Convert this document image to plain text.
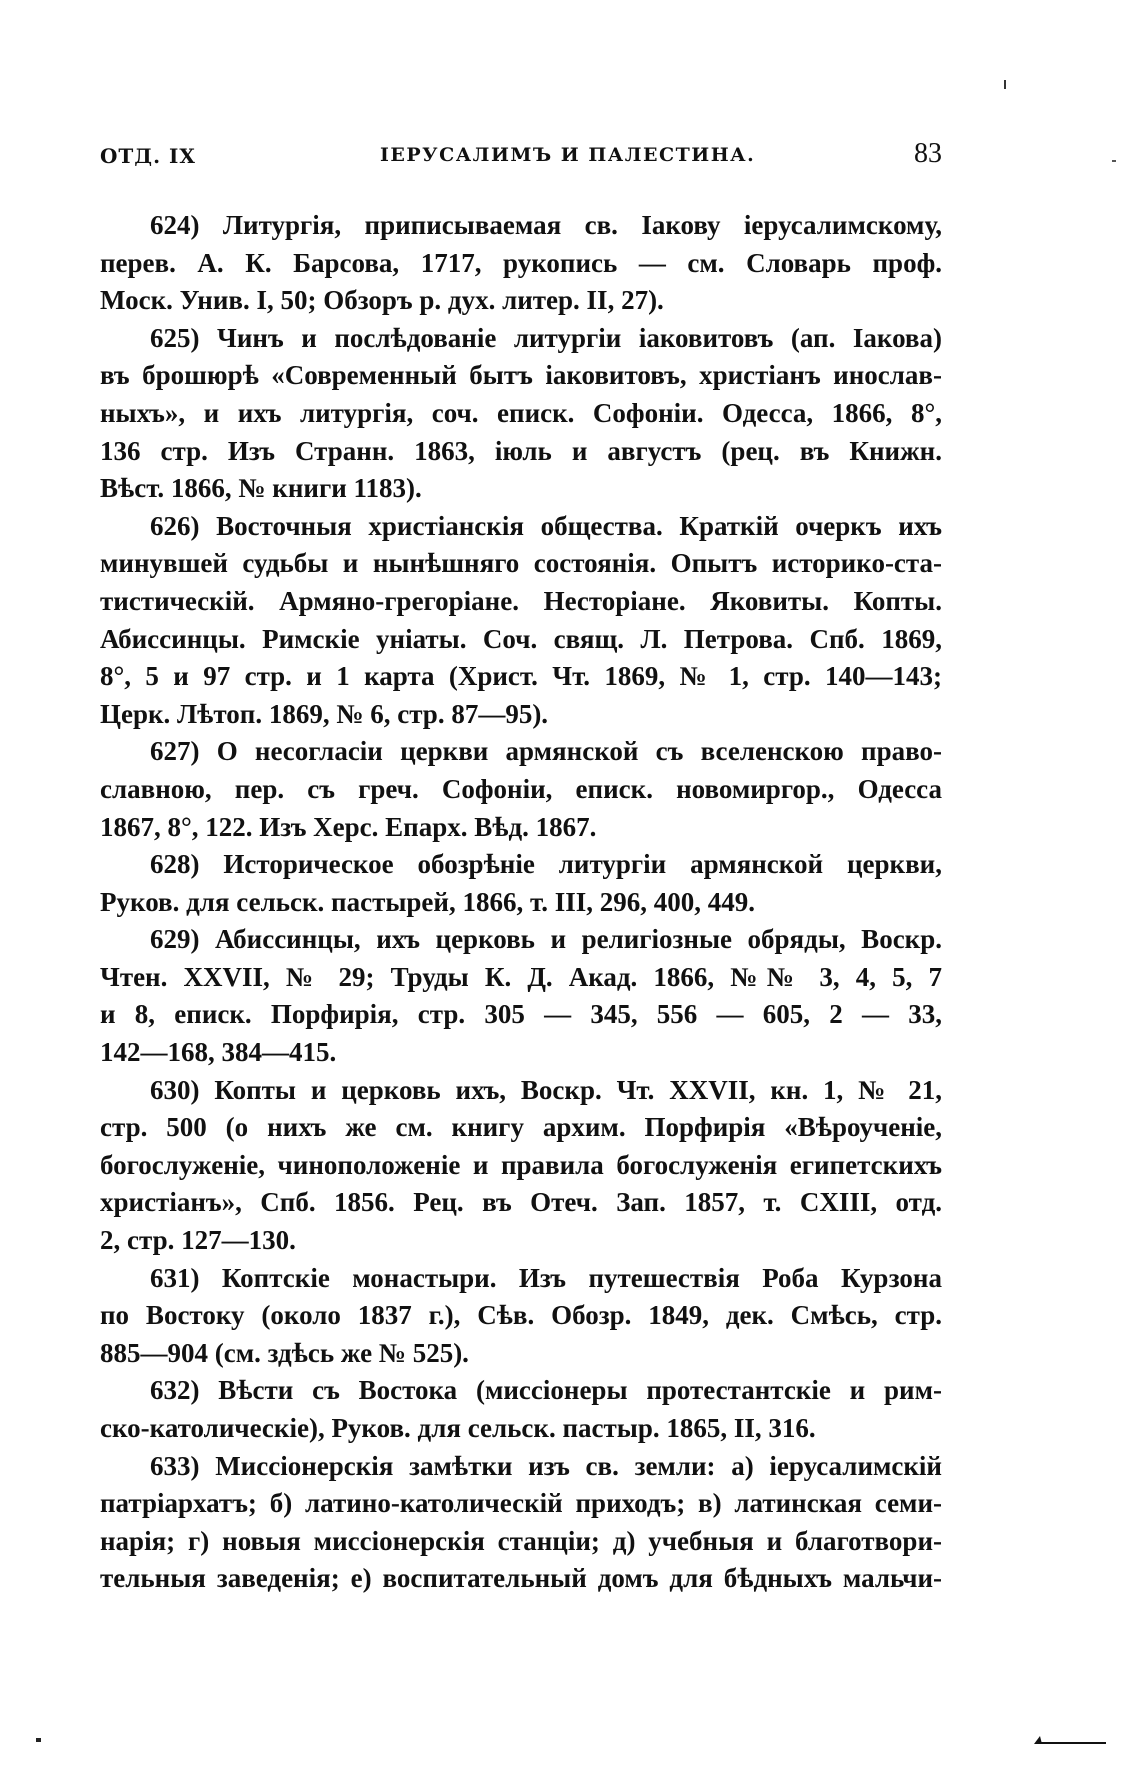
ОТД. IX	ІЕРУСАЛИМЪ И ПАЛЕСТИНА.	83
624) Литургія, приписываемая св. Іакову іерусалимскому,
перев. А. К. Барсова, 1717, рукопись — см. Словарь проф.
Моск. Унив. I, 50; Обзоръ р. дух. литер. II, 27).
625) Чинъ и послѣдованіе литургіи іаковитовъ (ап. Іакова)
въ брошюрѣ «Современный бытъ іаковитовъ, христіанъ инослав-
ныхъ», и ихъ литургія, соч. еписк. Софоніи. Одесса, 1866, 8°,
136 стр. Изъ Странн. 1863, іюль и августъ (рец. въ Книжн.
Вѣст. 1866, № книги 1183).
626) Восточныя христіанскія общества. Краткій очеркъ ихъ
минувшей судьбы и нынѣшняго состоянія. Опытъ историко-ста-
тистическій. Армяно-грегоріане. Несторіане. Яковиты. Копты.
Абиссинцы. Римскіе уніаты. Соч. свящ. Л. Петрова. Спб. 1869,
8°, 5 и 97 стр. и 1 карта (Христ. Чт. 1869, № 1, стр. 140—143;
Церк. Лѣтоп. 1869, № 6, стр. 87—95).
627) О несогласіи церкви армянской съ вселенскою право-
славною, пер. съ греч. Софоніи, еписк. новомиргор., Одесса
1867, 8°, 122. Изъ Херс. Епарх. Вѣд. 1867.
628) Историческое обозрѣніе литургіи армянской церкви,
Руков. для сельск. пастырей, 1866, т. III, 296, 400, 449.
629) Абиссинцы, ихъ церковь и религіозные обряды, Воскр.
Чтен. XXVII, № 29; Труды К. Д. Акад. 1866, №№ 3, 4, 5, 7
и 8, еписк. Порфирія, стр. 305 — 345, 556 — 605, 2 — 33,
142—168, 384—415.
630) Копты и церковь ихъ, Воскр. Чт. XXVII, кн. 1, № 21,
стр. 500 (о нихъ же см. книгу архим. Порфирія «Вѣроученіе,
богослуженіе, чиноположеніе и правила богослуженія египетскихъ
христіанъ», Спб. 1856. Рец. въ Отеч. Зап. 1857, т. CXIII, отд.
2, стр. 127—130.
631) Коптскіе монастыри. Изъ путешествія Роба Курзона
по Востоку (около 1837 г.), Сѣв. Обозр. 1849, дек. Смѣсь, стр.
885—904 (см. здѣсь же № 525).
632) Вѣсти съ Востока (миссіонеры протестантскіе и рим-
ско-католическіе), Руков. для сельск. пастыр. 1865, II, 316.
633) Миссіонерскія замѣтки изъ св. земли: а) іерусалимскій
патріархатъ; б) латино-католическій приходъ; в) латинская семи-
нарія; г) новыя миссіонерскія станціи; д) учебныя и благотвори-
тельныя заведенія; е) воспитательный домъ для бѣдныхъ мальчи-
